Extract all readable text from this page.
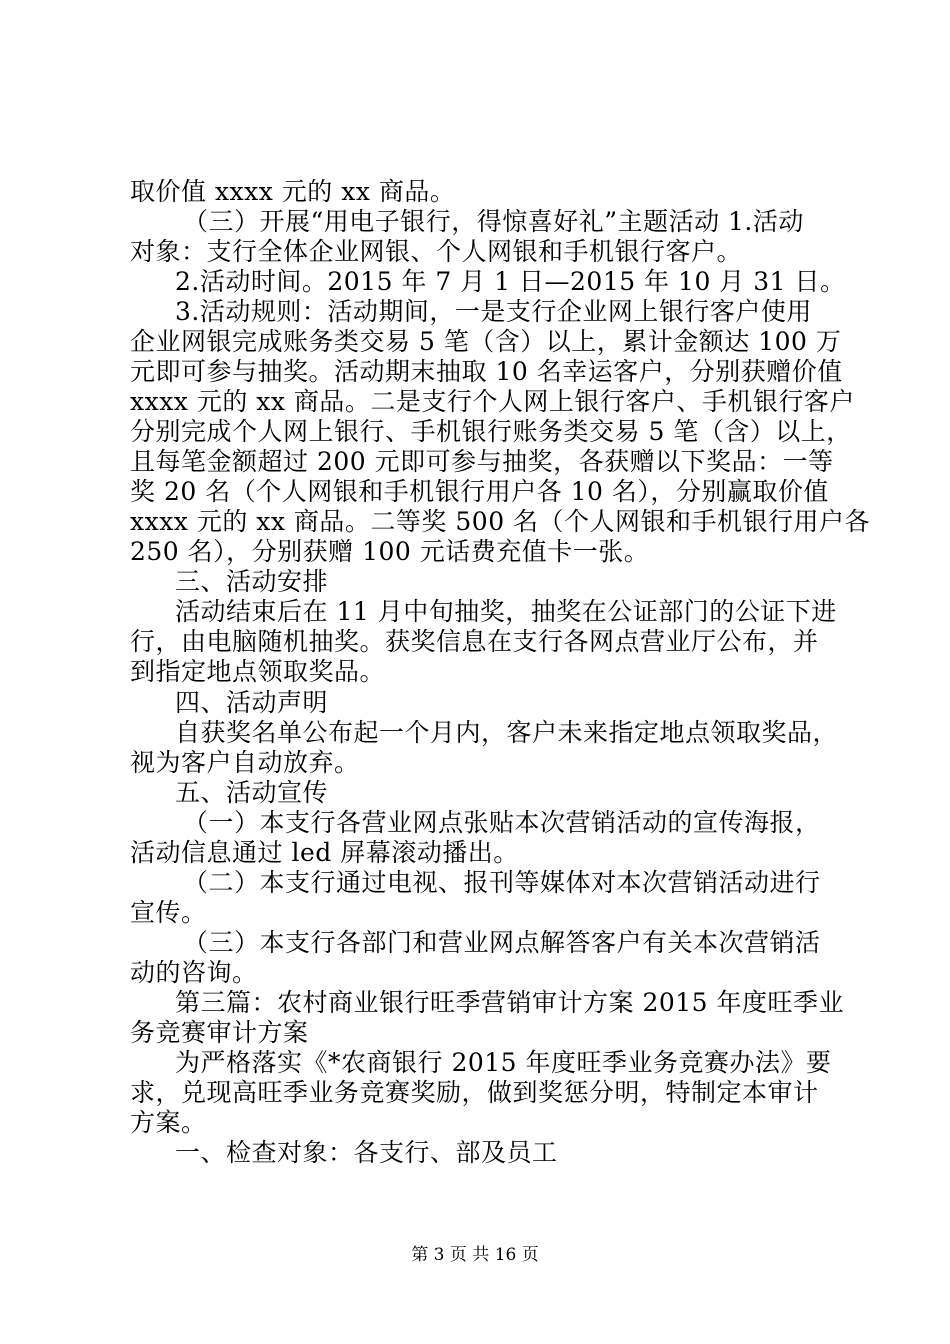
取价值 xxxx 元的 xx 商品。
（三）开展“用电子银行，得惊喜好礼”主题活动 1.活动
对象：支行全体企业网银、个人网银和手机银行客户。
2.活动时间。2015 年 7 月 1 日—2015 年 10 月 31 日。
3.活动规则：活动期间，一是支行企业网上银行客户使用
企业网银完成账务类交易 5 笔（含）以上，累计金额达 100 万
元即可参与抽奖。活动期末抽取 10 名幸运客户，分别获赠价值
xxxx 元的 xx 商品。二是支行个人网上银行客户、手机银行客户
分别完成个人网上银行、手机银行账务类交易 5 笔（含）以上，
且每笔金额超过 200 元即可参与抽奖，各获赠以下奖品：一等
奖 20 名（个人网银和手机银行用户各 10 名），分别赢取价值
xxxx 元的 xx 商品。二等奖 500 名（个人网银和手机银行用户各
250 名），分别获赠 100 元话费充值卡一张。
三、活动安排
活动结束后在 11 月中旬抽奖，抽奖在公证部门的公证下进
行，由电脑随机抽奖。获奖信息在支行各网点营业厅公布，并
到指定地点领取奖品。
四、活动声明
自获奖名单公布起一个月内，客户未来指定地点领取奖品，
视为客户自动放弃。
五、活动宣传
（一）本支行各营业网点张贴本次营销活动的宣传海报，
活动信息通过 led 屏幕滚动播出。
（二）本支行通过电视、报刊等媒体对本次营销活动进行
宣传。
（三）本支行各部门和营业网点解答客户有关本次营销活
动的咨询。
第三篇：农村商业银行旺季营销审计方案 2015 年度旺季业
务竞赛审计方案
为严格落实《*农商银行 2015 年度旺季业务竞赛办法》要
求，兑现高旺季业务竞赛奖励，做到奖惩分明，特制定本审计
方案。
一、检查对象：各支行、部及员工
第 3 页 共 16 页
